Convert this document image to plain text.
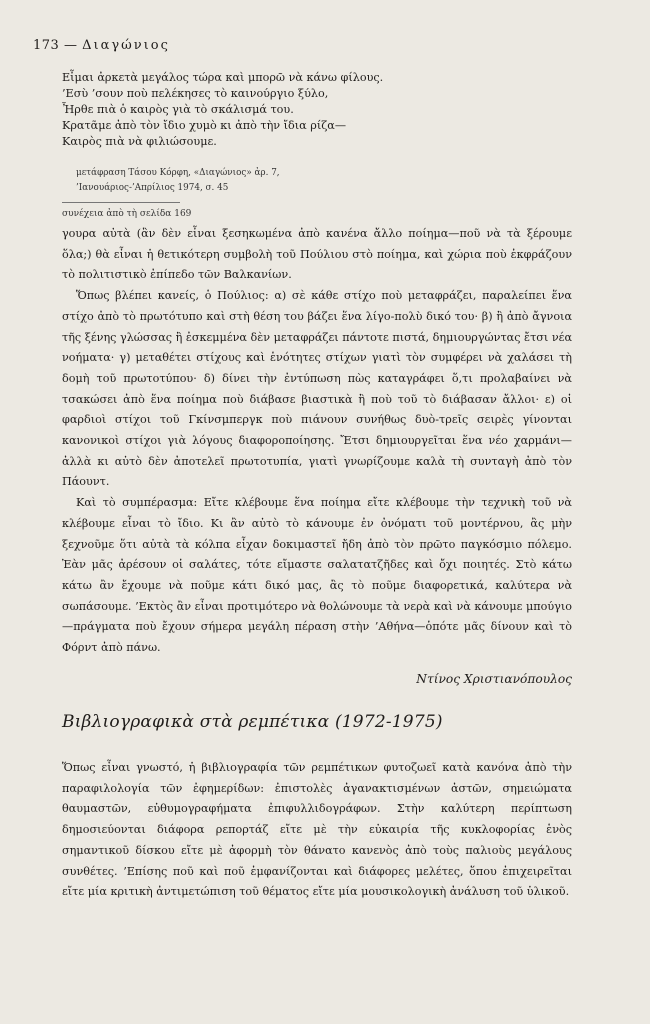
173 — Διαγώνιος
Εἶμαι ἀρκετὰ μεγάλος τώρα καὶ μπορῶ νὰ κάνω φίλους.
’Εσὺ ’σουν ποὺ πελέκησες τὸ καινούργιο ξύλο,
Ἦρθε πιὰ ὁ καιρὸς γιὰ τὸ σκάλισμά του.
Κρατᾶμε ἀπὸ τὸν ἴδιο χυμὸ κι ἀπὸ τὴν ἴδια ρίζα—
Καιρὸς πιὰ νὰ φιλιώσουμε.
μετάφραση Τάσου Κόρφη, «Διαγώνιος» ἀρ. 7,
’Ιανουάριος-’Απρίλιος 1974, σ. 45
συνέχεια ἀπὸ τὴ σελίδα 169

γουρα αὐτὰ (ἂν δὲν εἶναι ξεσηκωμένα ἀπὸ κανένα ἄλλο ποίημα—ποῦ νὰ τὰ ξέρουμε ὅλα;) θὰ εἶναι ἡ θετικότερη συμβολὴ τοῦ Πούλιου στὸ ποίημα, καὶ χώρια ποὺ ἐκφράζουν τὸ πολιτιστικὸ ἐπίπεδο τῶν Βαλκανίων.

Ὅπως βλέπει κανείς, ὁ Πούλιος: α) σὲ κάθε στίχο ποὺ μεταφράζει, παραλείπει ἕνα στίχο ἀπὸ τὸ πρωτότυπο καὶ στὴ θέση του βάζει ἕνα λίγο-πολὺ δικό του· β) ἢ ἀπὸ ἄγνοια τῆς ξένης γλώσσας ἢ ἐσκεμμένα δὲν μεταφράζει πάντοτε πιστά, δημιουργώντας ἔτσι νέα νοήματα· γ) μεταθέτει στίχους καὶ ἑνότητες στίχων γιατὶ τὸν συμφέρει νὰ χαλάσει τὴ δομὴ τοῦ πρωτοτύπου· δ) δίνει τὴν ἐντύπωση πὼς καταγράφει ὅ,τι προλαβαίνει νὰ τσακώσει ἀπὸ ἕνα ποίημα ποὺ διάβασε βιαστικὰ ἢ ποὺ τοῦ τὸ διάβασαν ἄλλοι· ε) οἱ φαρδιοὶ στίχοι τοῦ Γκίνσμπεργκ ποὺ πιάνουν συνήθως δυὸ-τρεῖς σειρὲς γίνονται κανονικοὶ στίχοι γιὰ λόγους διαφοροποίησης. Ἔτσι δημιουργεῖται ἕνα νέο χαρμάνι—ἀλλὰ κι αὐτὸ δὲν ἀποτελεῖ πρωτοτυπία, γιατὶ γνωρίζουμε καλὰ τὴ συνταγὴ ἀπὸ τὸν Πάουντ.

Καὶ τὸ συμπέρασμα: Εἴτε κλέβουμε ἕνα ποίημα εἴτε κλέβουμε τὴν τεχνικὴ τοῦ νὰ κλέβουμε εἶναι τὸ ἴδιο. Κι ἂν αὐτὸ τὸ κάνουμε ἐν ὀνόματι τοῦ μοντέρνου, ἂς μὴν ξεχνοῦμε ὅτι αὐτὰ τὰ κόλπα εἶχαν δοκιμαστεῖ ἤδη ἀπὸ τὸν πρῶτο παγκόσμιο πόλεμο. Ἐὰν μᾶς ἀρέσουν οἱ σαλάτες, τότε εἴμαστε σαλατατζῆδες καὶ ὄχι ποιητές. Στὸ κάτω κάτω ἂν ἔχουμε νὰ ποῦμε κάτι δικό μας, ἂς τὸ ποῦμε διαφορετικά, καλύτερα νὰ σωπάσουμε. ’Εκτὸς ἂν εἶναι προτιμότερο νὰ θολώνουμε τὰ νερὰ καὶ νὰ κάνουμε μπούγιο—πράγματα ποὺ ἔχουν σήμερα μεγάλη πέραση στὴν ’Αθήνα—ὁπότε μᾶς δίνουν καὶ τὸ Φόρντ ἀπὸ πάνω.

Ντίνος Χριστιανόπουλος
Βιβλιογραφικὰ στὰ ρεμπέτικα (1972-1975)

Ὅπως εἶναι γνωστό, ἡ βιβλιογραφία τῶν ρεμπέτικων φυτοζωεῖ κατὰ κανόνα ἀπὸ τὴν παραφιλολογία τῶν ἐφημερίδων: ἐπιστολὲς ἀγανακτισμένων ἀστῶν, σημειώματα θαυμαστῶν, εὐθυμογραφήματα ἐπιφυλλιδογράφων. Στὴν καλύτερη περίπτωση δημοσιεύονται διάφορα ρεπορτάζ εἴτε μὲ τὴν εὐκαιρία τῆς κυκλοφορίας ἑνὸς σημαντικοῦ δίσκου εἴτε μὲ ἀφορμὴ τὸν θάνατο κανενὸς ἀπὸ τοὺς παλιοὺς μεγάλους συνθέτες. ’Επίσης ποῦ καὶ ποῦ ἐμφανίζονται καὶ διάφορες μελέτες, ὅπου ἐπιχειρεῖται εἴτε μία κριτικὴ ἀντιμετώπιση τοῦ θέματος εἴτε μία μουσικολογικὴ ἀνάλυση τοῦ ὑλικοῦ.
